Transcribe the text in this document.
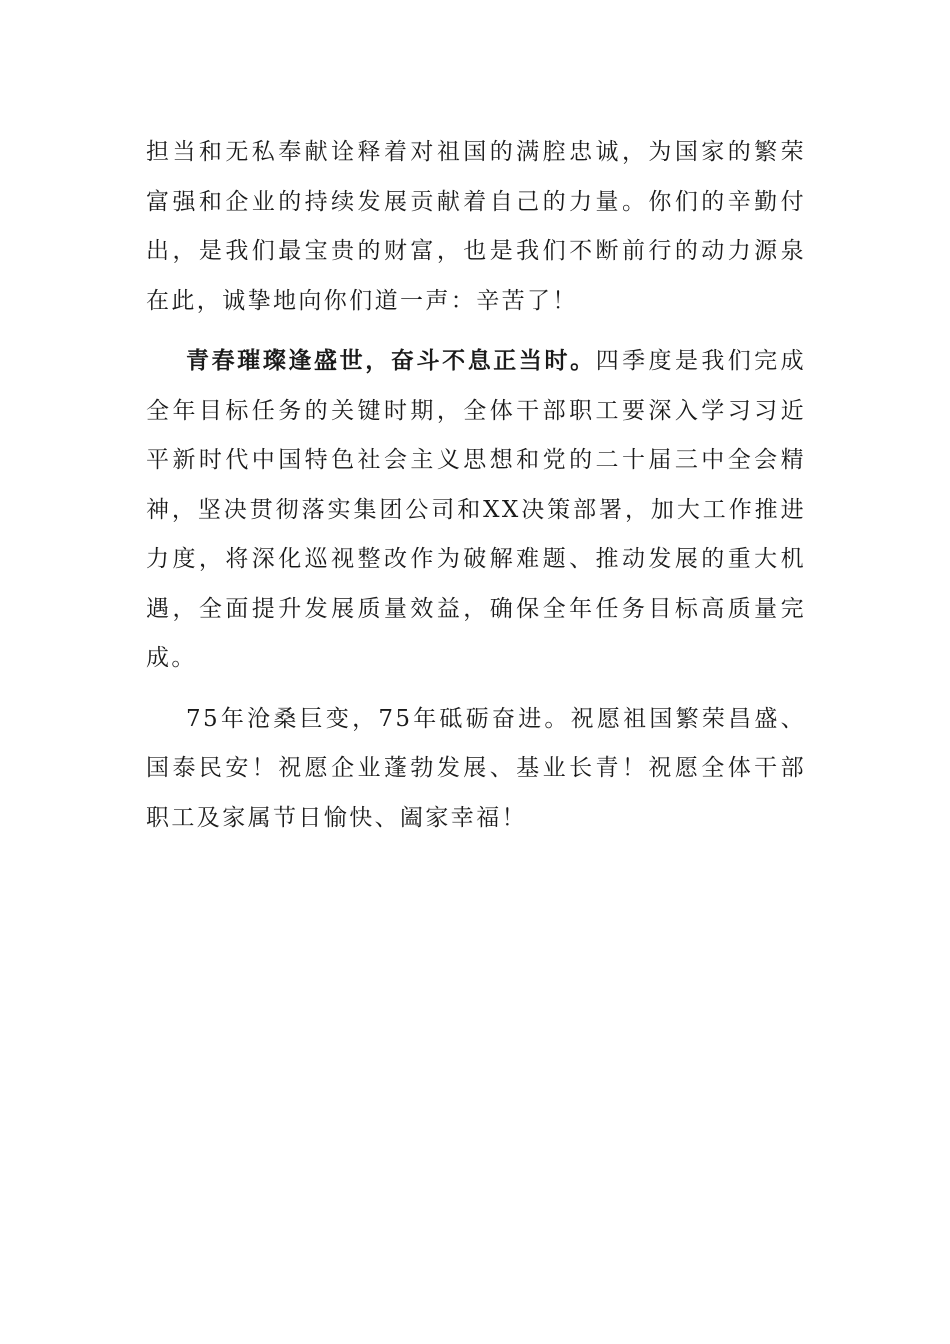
担当和无私奉献诠释着对祖国的满腔忠诚，为国家的繁荣富强和企业的持续发展贡献着自己的力量。你们的辛勤付出，是我们最宝贵的财富，也是我们不断前行的动力源泉在此，诚挚地向你们道一声：辛苦了！

青春璀璨逢盛世，奋斗不息正当时。四季度是我们完成全年目标任务的关键时期，全体干部职工要深入学习习近平新时代中国特色社会主义思想和党的二十届三中全会精神，坚决贯彻落实集团公司和XX决策部署，加大工作推进力度，将深化巡视整改作为破解难题、推动发展的重大机遇，全面提升发展质量效益，确保全年任务目标高质量完成。

75年沧桑巨变，75年砥砺奋进。祝愿祖国繁荣昌盛、国泰民安！祝愿企业蓬勃发展、基业长青！祝愿全体干部职工及家属节日愉快、阖家幸福！
